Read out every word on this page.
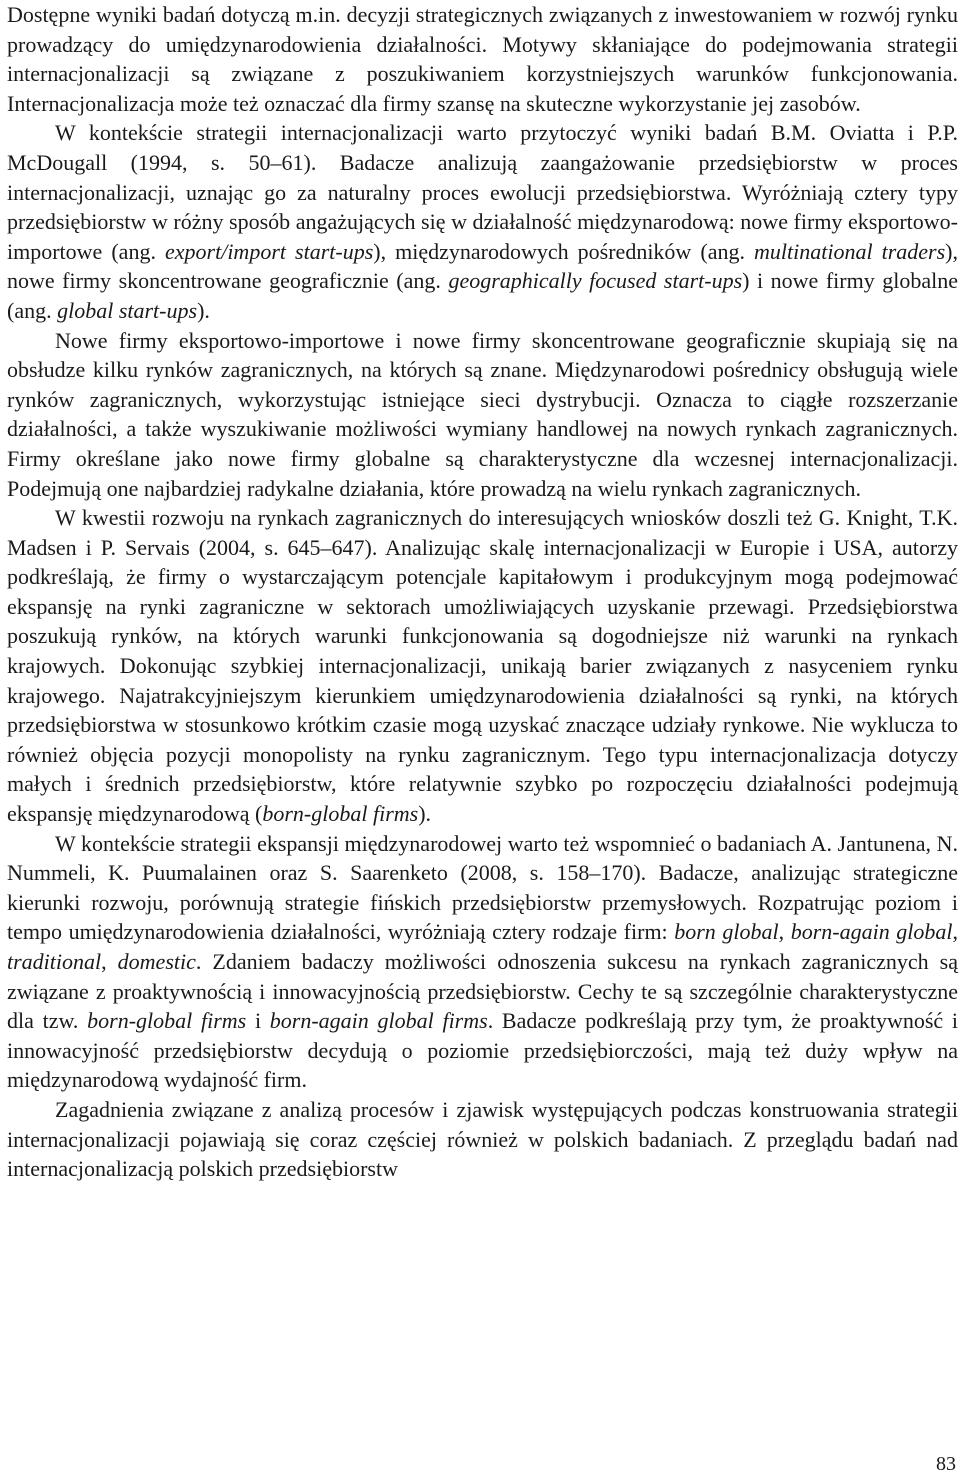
Dostępne wyniki badań dotyczą m.in. decyzji strategicznych związanych z inwestowaniem w rozwój rynku prowadzący do umiędzynarodowienia działalności. Motywy skłaniające do podejmowania strategii internacjonalizacji są związane z poszukiwaniem korzystniejszych warunków funkcjonowania. Internacjonalizacja może też oznaczać dla firmy szansę na skuteczne wykorzystanie jej zasobów.

W kontekście strategii internacjonalizacji warto przytoczyć wyniki badań B.M. Oviatta i P.P. McDougall (1994, s. 50–61). Badacze analizują zaangażowanie przedsiębiorstw w proces internacjonalizacji, uznając go za naturalny proces ewolucji przedsiębiorstwa. Wyróżniają cztery typy przedsiębiorstw w różny sposób angażujących się w działalność międzynarodową: nowe firmy eksportowo-importowe (ang. export/import start-ups), międzynarodowych pośredników (ang. multinational traders), nowe firmy skoncentrowane geograficznie (ang. geographically focused start-ups) i nowe firmy globalne (ang. global start-ups).

Nowe firmy eksportowo-importowe i nowe firmy skoncentrowane geograficznie skupiają się na obsłudze kilku rynków zagranicznych, na których są znane. Międzynarodowi pośrednicy obsługują wiele rynków zagranicznych, wykorzystując istniejące sieci dystrybucji. Oznacza to ciągłe rozszerzanie działalności, a także wyszukiwanie możliwości wymiany handlowej na nowych rynkach zagranicznych. Firmy określane jako nowe firmy globalne są charakterystyczne dla wczesnej internacjonalizacji. Podejmują one najbardziej radykalne działania, które prowadzą na wielu rynkach zagranicznych.

W kwestii rozwoju na rynkach zagranicznych do interesujących wniosków doszli też G. Knight, T.K. Madsen i P. Servais (2004, s. 645–647). Analizując skalę internacjonalizacji w Europie i USA, autorzy podkreślają, że firmy o wystarczającym potencjale kapitałowym i produkcyjnym mogą podejmować ekspansję na rynki zagraniczne w sektorach umożliwiających uzyskanie przewagi. Przedsiębiorstwa poszukują rynków, na których warunki funkcjonowania są dogodniejsze niż warunki na rynkach krajowych. Dokonując szybkiej internacjonalizacji, unikają barier związanych z nasyceniem rynku krajowego. Najatrakcyjniejszym kierunkiem umiędzynarodowienia działalności są rynki, na których przedsiębiorstwa w stosunkowo krótkim czasie mogą uzyskać znaczące udziały rynkowe. Nie wyklucza to również objęcia pozycji monopolisty na rynku zagranicznym. Tego typu internacjonalizacja dotyczy małych i średnich przedsiębiorstw, które relatywnie szybko po rozpoczęciu działalności podejmują ekspansję międzynarodową (born-global firms).

W kontekście strategii ekspansji międzynarodowej warto też wspomnieć o badaniach A. Jantunena, N. Nummeli, K. Puumalainen oraz S. Saarenketo (2008, s. 158–170). Badacze, analizując strategiczne kierunki rozwoju, porównują strategie fińskich przedsiębiorstw przemysłowych. Rozpatrując poziom i tempo umiędzynarodowienia działalności, wyróżniają cztery rodzaje firm: born global, born-again global, traditional, domestic. Zdaniem badaczy możliwości odnoszenia sukcesu na rynkach zagranicznych są związane z proaktywnością i innowacyjnością przedsiębiorstw. Cechy te są szczególnie charakterystyczne dla tzw. born-global firms i born-again global firms. Badacze podkreślają przy tym, że proaktywność i innowacyjność przedsiębiorstw decydują o poziomie przedsiębiorczości, mają też duży wpływ na międzynarodową wydajność firm.

Zagadnienia związane z analizą procesów i zjawisk występujących podczas konstruowania strategii internacjonalizacji pojawiają się coraz częściej również w polskich badaniach. Z przeglądu badań nad internacjonalizacją polskich przedsiębiorstw

83
